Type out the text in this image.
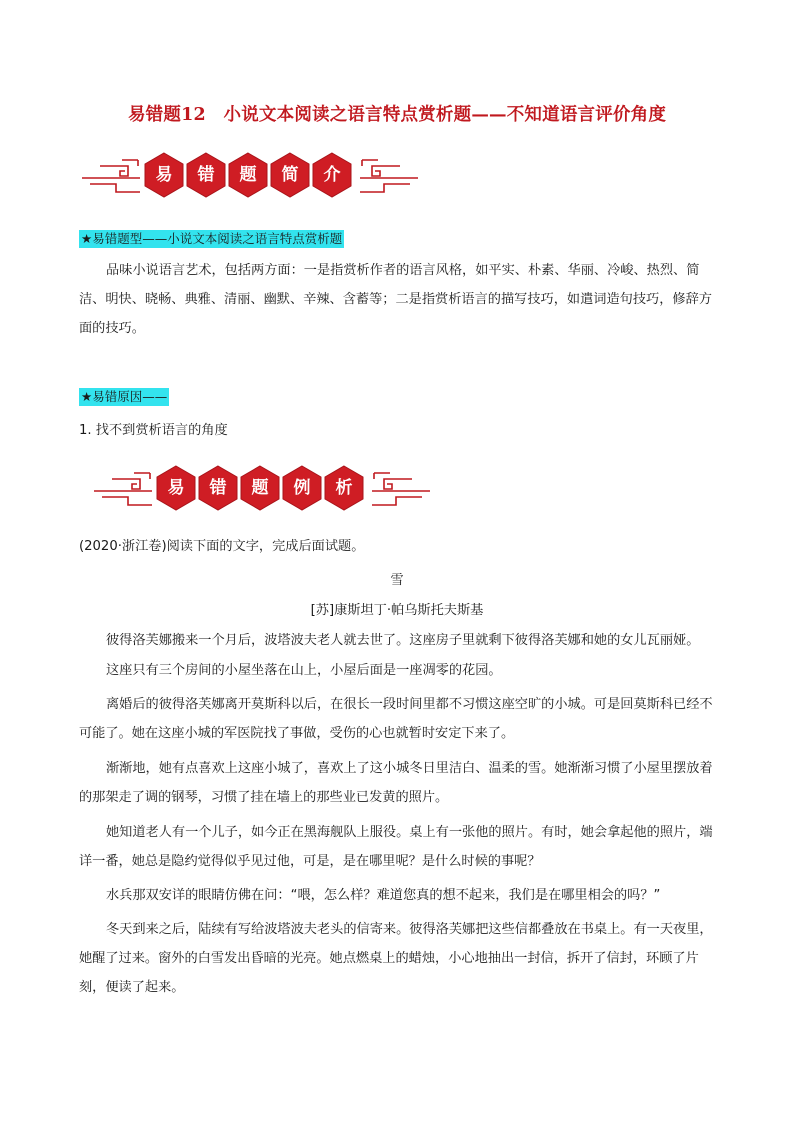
易错题12　小说文本阅读之语言特点赏析题——不知道语言评价角度
易	错	题	简	介
★易错题型——小说文本阅读之语言特点赏析题

品味小说语言艺术，包括两方面：一是指赏析作者的语言风格，如平实、朴素、华丽、冷峻、热烈、简洁、明快、晓畅、典雅、清丽、幽默、辛辣、含蓄等；二是指赏析语言的描写技巧，如遣词造句技巧，修辞方面的技巧。

★易错原因——
1. 找不到赏析语言的角度
易	错	题	例	析
(2020·浙江卷)阅读下面的文字，完成后面试题。
雪
[苏]康斯坦丁·帕乌斯托夫斯基

彼得洛芙娜搬来一个月后，波塔波夫老人就去世了。这座房子里就剩下彼得洛芙娜和她的女儿瓦丽娅。

这座只有三个房间的小屋坐落在山上，小屋后面是一座凋零的花园。

离婚后的彼得洛芙娜离开莫斯科以后，在很长一段时间里都不习惯这座空旷的小城。可是回莫斯科已经不可能了。她在这座小城的军医院找了事做，受伤的心也就暂时安定下来了。

渐渐地，她有点喜欢上这座小城了，喜欢上了这小城冬日里洁白、温柔的雪。她渐渐习惯了小屋里摆放着的那架走了调的钢琴，习惯了挂在墙上的那些业已发黄的照片。

她知道老人有一个儿子，如今正在黑海舰队上服役。桌上有一张他的照片。有时，她会拿起他的照片，端详一番，她总是隐约觉得似乎见过他，可是，是在哪里呢？是什么时候的事呢？

水兵那双安详的眼睛仿佛在问：“喂，怎么样？难道您真的想不起来，我们是在哪里相会的吗？”

冬天到来之后，陆续有写给波塔波夫老头的信寄来。彼得洛芙娜把这些信都叠放在书桌上。有一天夜里，她醒了过来。窗外的白雪发出昏暗的光亮。她点燃桌上的蜡烛，小心地抽出一封信，拆开了信封，环顾了片刻，便读了起来。
